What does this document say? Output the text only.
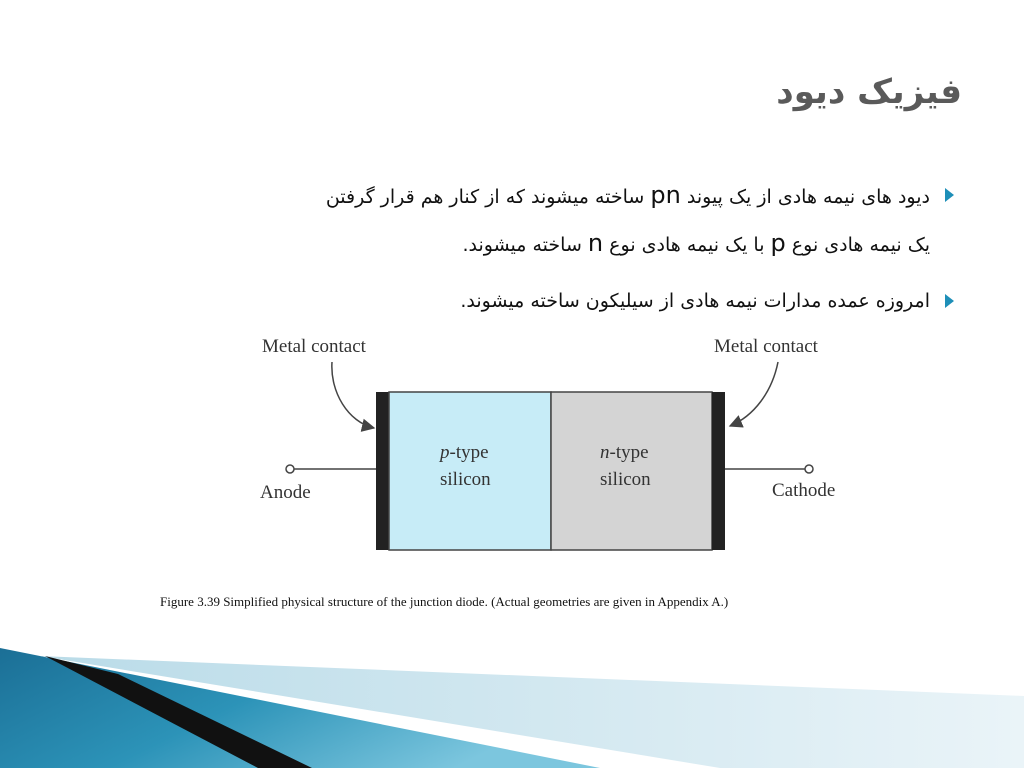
فیزیک دیود
دیود های نیمه هادی از یک پیوند pn ساخته میشوند که از کنار هم قرار گرفتن
یک نیمه هادی نوع p با یک نیمه هادی نوع n ساخته میشوند.
امروزه عمده مدارات نیمه هادی از سیلیکون ساخته میشوند.
Metal contact	Metal contact
p-type
silicon
n-type
silicon
Anode	Cathode
Figure 3.39 Simplified physical structure of the junction diode. (Actual geometries are given in Appendix A.)
